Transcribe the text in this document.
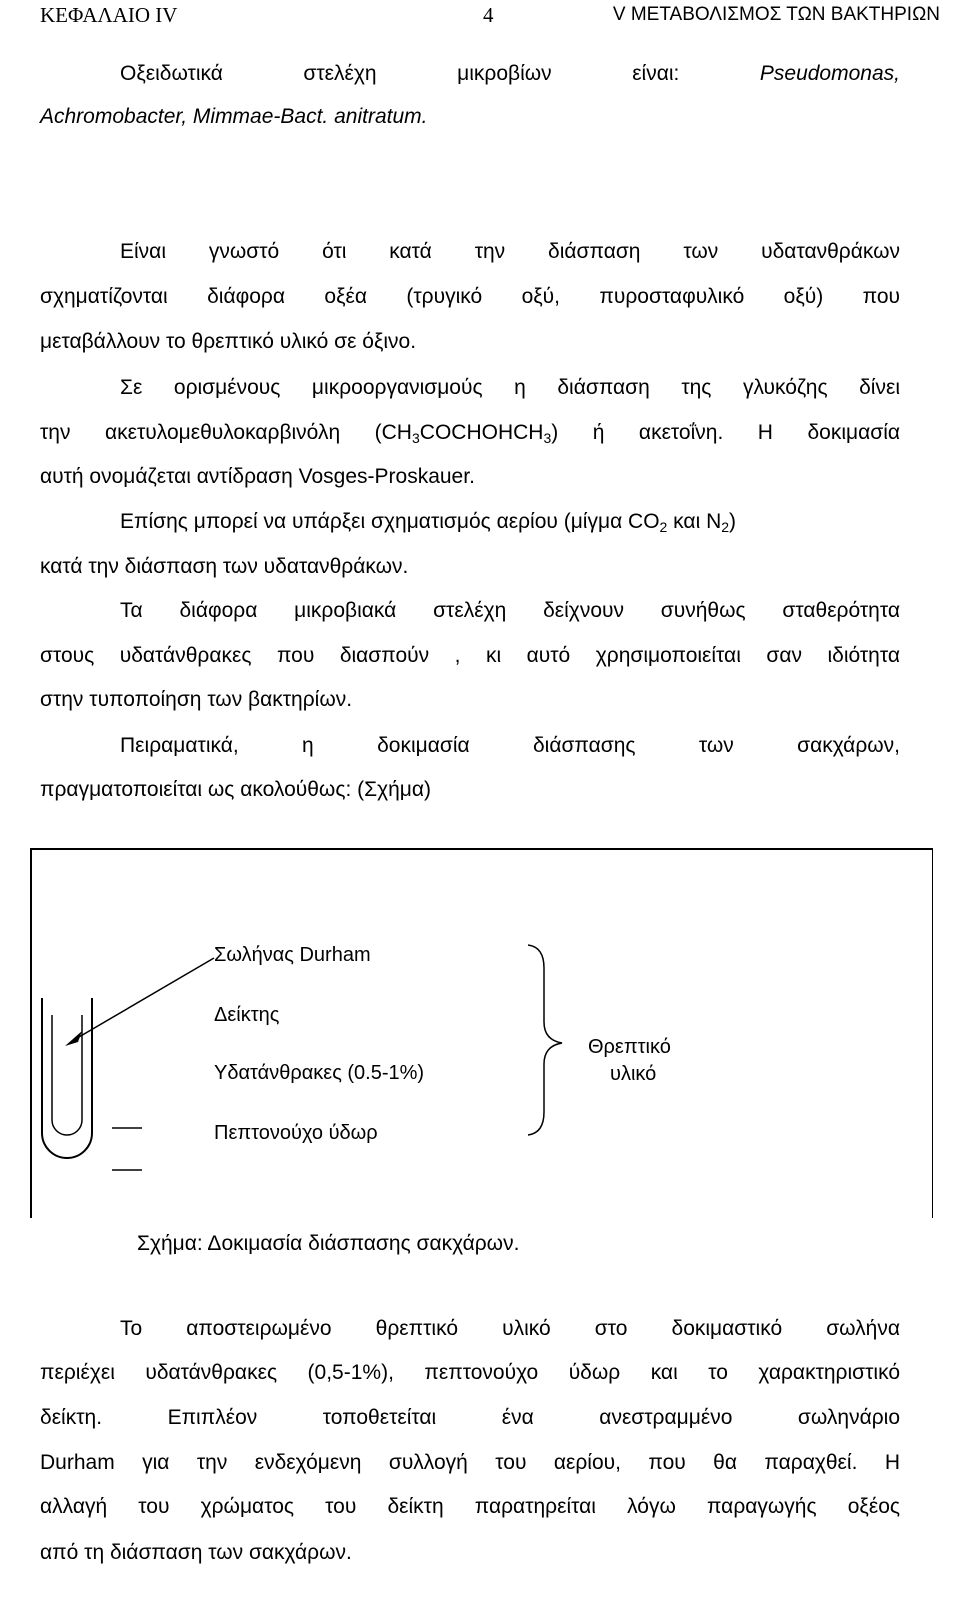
ΚΕΦΑΛΑΙΟ IV	4	V ΜΕΤΑΒΟΛΙΣΜΟΣ ΤΩΝ ΒΑΚΤΗΡΙΩΝ
Οξειδωτικά στελέχη μικροβίων είναι:	Pseudomonas,
Achromobacter, Mimmae-Bact. anitratum.
Είναι γνωστό ότι κατά την διάσπαση των υδατανθράκων
σχηματίζονται διάφορα οξέα (τρυγικό οξύ, πυροσταφυλικό οξύ) που
μεταβάλλουν το θρεπτικό υλικό σε όξινο.
Σε ορισμένους μικροοργανισμούς η διάσπαση της γλυκόζης δίνει
την ακετυλομεθυλοκαρβινόλη $(CH_3COCHOHCH_3)$ ή ακετοΐνη. Η δοκιμασία
αυτή ονομάζεται αντίδραση Vosges-Proskauer.
Επίσης μπορεί να υπάρξει σχηματισμός αερίου (μίγμα $CO_2$ και $N_2$)
κατά την διάσπαση των υδατανθράκων.
Τα διάφορα μικροβιακά στελέχη δείχνουν συνήθως σταθερότητα
στους υδατάνθρακες που διασπούν , κι αυτό χρησιμοποιείται σαν ιδιότητα
στην τυποποίηση των βακτηρίων.
Πειραματικά, η δοκιμασία διάσπασης των σακχάρων,
πραγματοποιείται ως ακολούθως: (Σχήμα)
Σωλήνας Durham
Δείκτης
Υδατάνθρακες (0.5-1%)
Πεπτονούχο ύδωρ
Θρεπτικό
υλικό
Σχήμα: Δοκιμασία διάσπασης σακχάρων.
Το αποστειρωμένο θρεπτικό υλικό στο δοκιμαστικό σωλήνα
περιέχει υδατάνθρακες (0,5-1%), πεπτονούχο ύδωρ και το χαρακτηριστικό
δείκτη. Επιπλέον τοποθετείται ένα ανεστραμμένο σωληνάριο
Durham για την ενδεχόμενη συλλογή του αερίου, που θα παραχθεί. Η
αλλαγή του χρώματος του δείκτη παρατηρείται λόγω παραγωγής οξέος
από τη διάσπαση των σακχάρων.
